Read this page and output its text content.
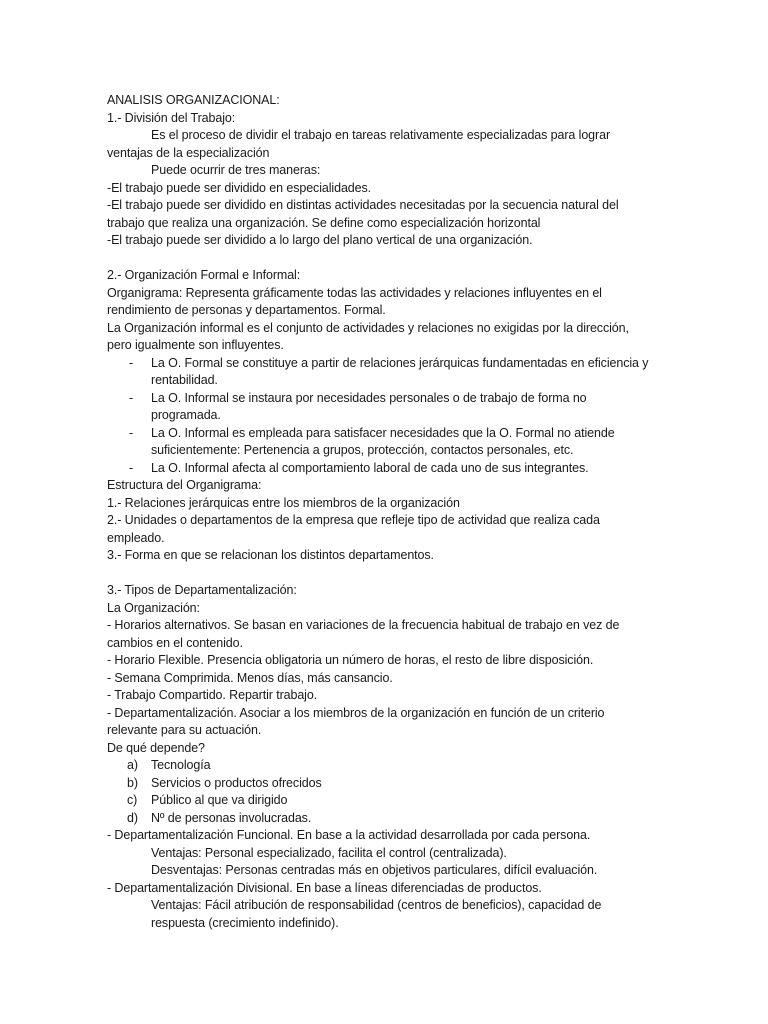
ANALISIS ORGANIZACIONAL:
1.- División del Trabajo:
Es el proceso de dividir el trabajo en tareas relativamente especializadas para lograr
ventajas de la especialización
Puede ocurrir de tres maneras:
-El trabajo puede ser dividido en especialidades.
-El trabajo puede ser dividido en distintas actividades necesitadas por la secuencia natural del
trabajo que realiza una organización. Se define como especialización horizontal
-El trabajo puede ser dividido a lo largo del plano vertical de una organización.
2.- Organización Formal e Informal:
Organigrama: Representa gráficamente todas las actividades y relaciones influyentes en el
rendimiento de personas y departamentos. Formal.
La Organización informal es el conjunto de actividades y relaciones no exigidas por la dirección,
pero igualmente son influyentes.
- La O. Formal se constituye a partir de relaciones jerárquicas fundamentadas en eficiencia y
rentabilidad.
- La O. Informal se instaura por necesidades personales o de trabajo de forma no
programada.
- La O. Informal es empleada para satisfacer necesidades que la O. Formal no atiende
suficientemente: Pertenencia a grupos, protección, contactos personales, etc.
- La O. Informal afecta al comportamiento laboral de cada uno de sus integrantes.
Estructura del Organigrama:
1.- Relaciones jerárquicas entre los miembros de la organización
2.- Unidades o departamentos de la empresa que refleje tipo de actividad que realiza cada
empleado.
3.- Forma en que se relacionan los distintos departamentos.
3.- Tipos de Departamentalización:
La Organización:
- Horarios alternativos. Se basan en variaciones de la frecuencia habitual de trabajo en vez de
cambios en el contenido.
- Horario Flexible. Presencia obligatoria un número de horas, el resto de libre disposición.
- Semana Comprimida. Menos días, más cansancio.
- Trabajo Compartido. Repartir trabajo.
- Departamentalización. Asociar a los miembros de la organización en función de un criterio
relevante para su actuación.
De qué depende?
a) Tecnología
b) Servicios o productos ofrecidos
c) Público al que va dirigido
d) Nº de personas involucradas.
- Departamentalización Funcional. En base a la actividad desarrollada por cada persona.
Ventajas: Personal especializado, facilita el control (centralizada).
Desventajas: Personas centradas más en objetivos particulares, difícil evaluación.
- Departamentalización Divisional. En base a líneas diferenciadas de productos.
Ventajas: Fácil atribución de responsabilidad (centros de beneficios), capacidad de
respuesta (crecimiento indefinido).
